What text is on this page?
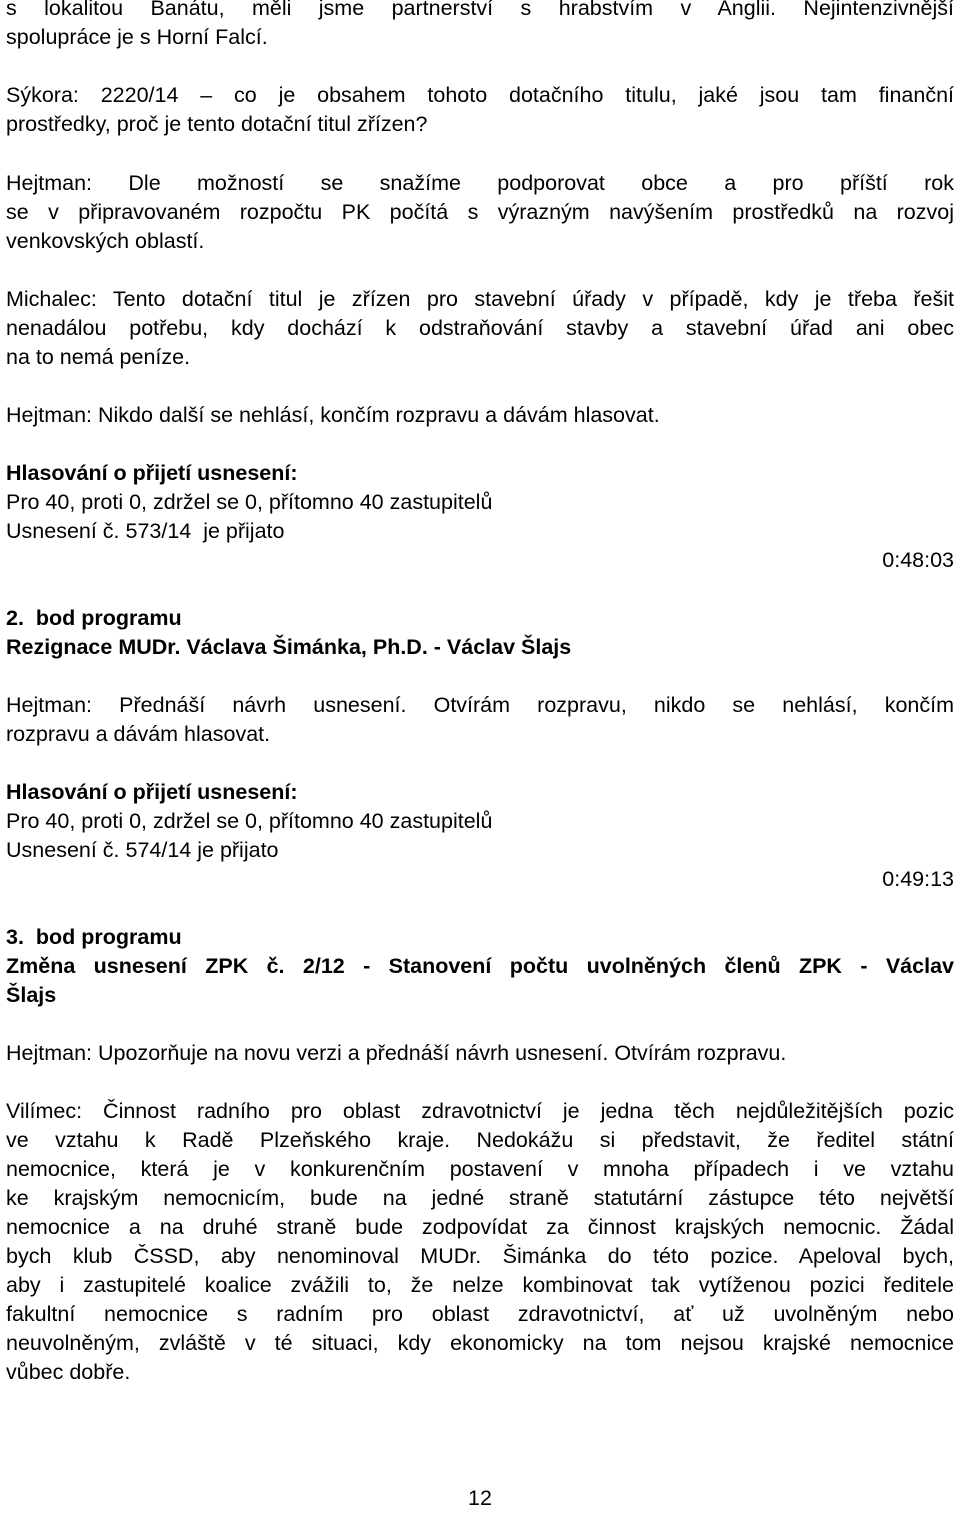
s lokalitou Banátu, měli jsme partnerství s hrabstvím v Anglii. Nejintenzivnější
spolupráce je s Horní Falcí.
Sýkora: 2220/14 – co je obsahem tohoto dotačního titulu, jaké jsou tam finanční
prostředky, proč je tento dotační titul zřízen?
Hejtman: Dle možností se snažíme podporovat obce a pro příští rok
se v připravovaném rozpočtu PK počítá s výrazným navýšením prostředků na rozvoj
venkovských oblastí.
Michalec: Tento dotační titul je zřízen pro stavební úřady v případě, kdy je třeba řešit
nenadálou potřebu, kdy dochází k odstraňování stavby a stavební úřad ani obec
na to nemá peníze.
Hejtman: Nikdo další se nehlásí, končím rozpravu a dávám hlasovat.
Hlasování o přijetí usnesení:
Pro 40, proti 0, zdržel se 0, přítomno 40 zastupitelů
Usnesení č. 573/14  je přijato
0:48:03
2.  bod programu
Rezignace MUDr. Václava Šimánka, Ph.D. - Václav Šlajs
Hejtman: Přednáší návrh usnesení. Otvírám rozpravu, nikdo se nehlásí, končím
rozpravu a dávám hlasovat.
Hlasování o přijetí usnesení:
Pro 40, proti 0, zdržel se 0, přítomno 40 zastupitelů
Usnesení č. 574/14 je přijato
0:49:13
3.  bod programu
Změna usnesení ZPK č. 2/12 - Stanovení počtu uvolněných členů ZPK - Václav
Šlajs
Hejtman: Upozorňuje na novu verzi a přednáší návrh usnesení. Otvírám rozpravu.
Vilímec: Činnost radního pro oblast zdravotnictví je jedna těch nejdůležitějších pozic
ve vztahu k Radě Plzeňského kraje. Nedokážu si představit, že ředitel státní
nemocnice, která je v konkurenčním postavení v mnoha případech i ve vztahu
ke krajským nemocnicím, bude na jedné straně statutární zástupce této největší
nemocnice a na druhé straně bude zodpovídat za činnost krajských nemocnic. Žádal
bych klub ČSSD, aby nenominoval MUDr. Šimánka do této pozice. Apeloval bych,
aby i zastupitelé koalice zvážili to, že nelze kombinovat tak vytíženou pozici ředitele
fakultní nemocnice s radním pro oblast zdravotnictví, ať už uvolněným nebo
neuvolněným, zvláště v té situaci, kdy ekonomicky na tom nejsou krajské nemocnice
vůbec dobře.
12
